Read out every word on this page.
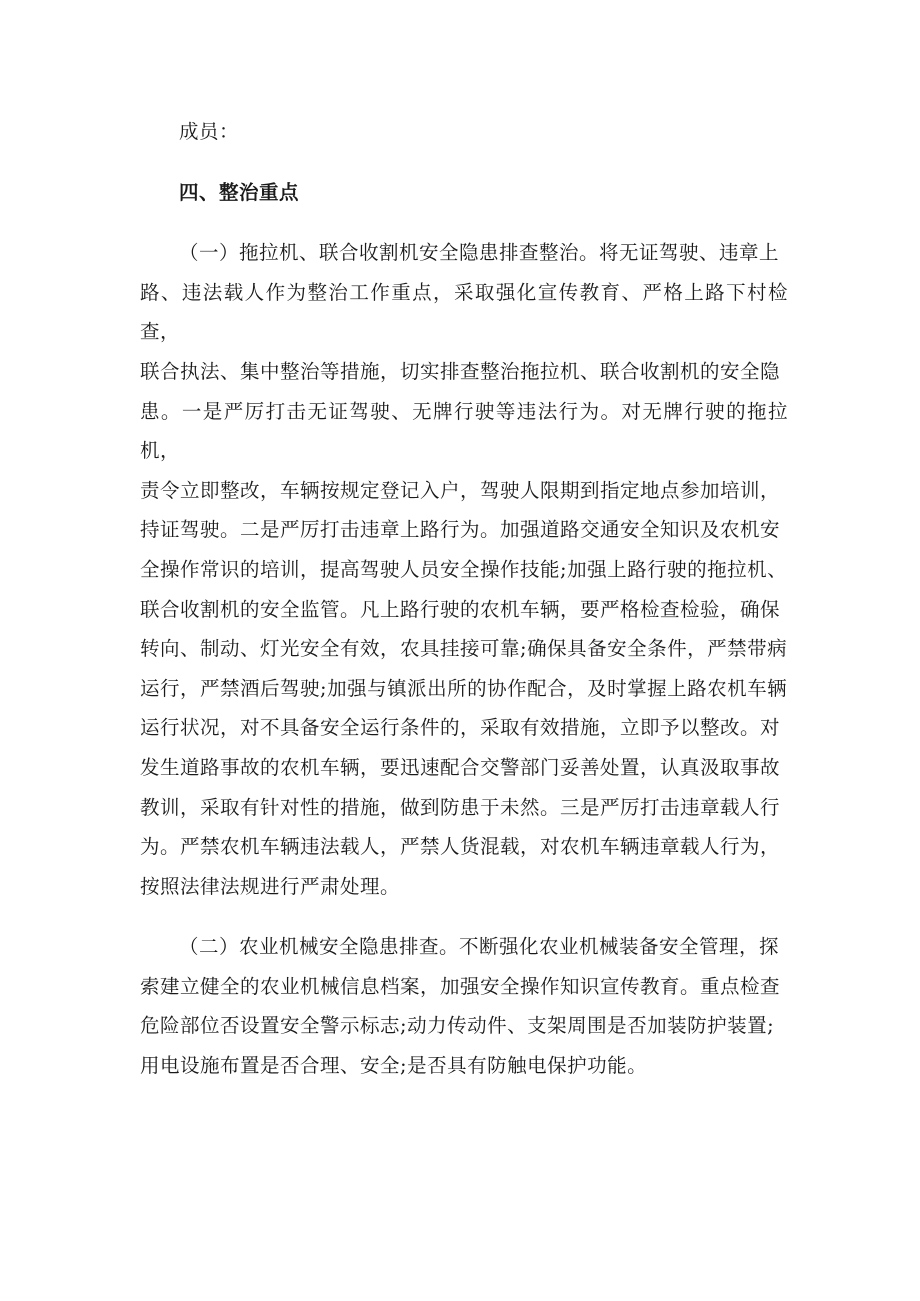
成员：

四、整治重点

（一）拖拉机、联合收割机安全隐患排查整治。将无证驾驶、违章上
路、违法载人作为整治工作重点，采取强化宣传教育、严格上路下村检查，
联合执法、集中整治等措施，切实排查整治拖拉机、联合收割机的安全隐
患。一是严厉打击无证驾驶、无牌行驶等违法行为。对无牌行驶的拖拉机，
责令立即整改，车辆按规定登记入户，驾驶人限期到指定地点参加培训，
持证驾驶。二是严厉打击违章上路行为。加强道路交通安全知识及农机安
全操作常识的培训，提高驾驶人员安全操作技能;加强上路行驶的拖拉机、
联合收割机的安全监管。凡上路行驶的农机车辆，要严格检查检验，确保
转向、制动、灯光安全有效，农具挂接可靠;确保具备安全条件，严禁带病
运行，严禁酒后驾驶;加强与镇派出所的协作配合，及时掌握上路农机车辆
运行状况，对不具备安全运行条件的，采取有效措施，立即予以整改。对
发生道路事故的农机车辆，要迅速配合交警部门妥善处置，认真汲取事故
教训，采取有针对性的措施，做到防患于未然。三是严厉打击违章载人行
为。严禁农机车辆违法载人，严禁人货混载，对农机车辆违章载人行为，
按照法律法规进行严肃处理。
（二）农业机械安全隐患排查。不断强化农业机械装备安全管理，探
索建立健全的农业机械信息档案，加强安全操作知识宣传教育。重点检查
危险部位否设置安全警示标志;动力传动件、支架周围是否加装防护装置;
用电设施布置是否合理、安全;是否具有防触电保护功能。
